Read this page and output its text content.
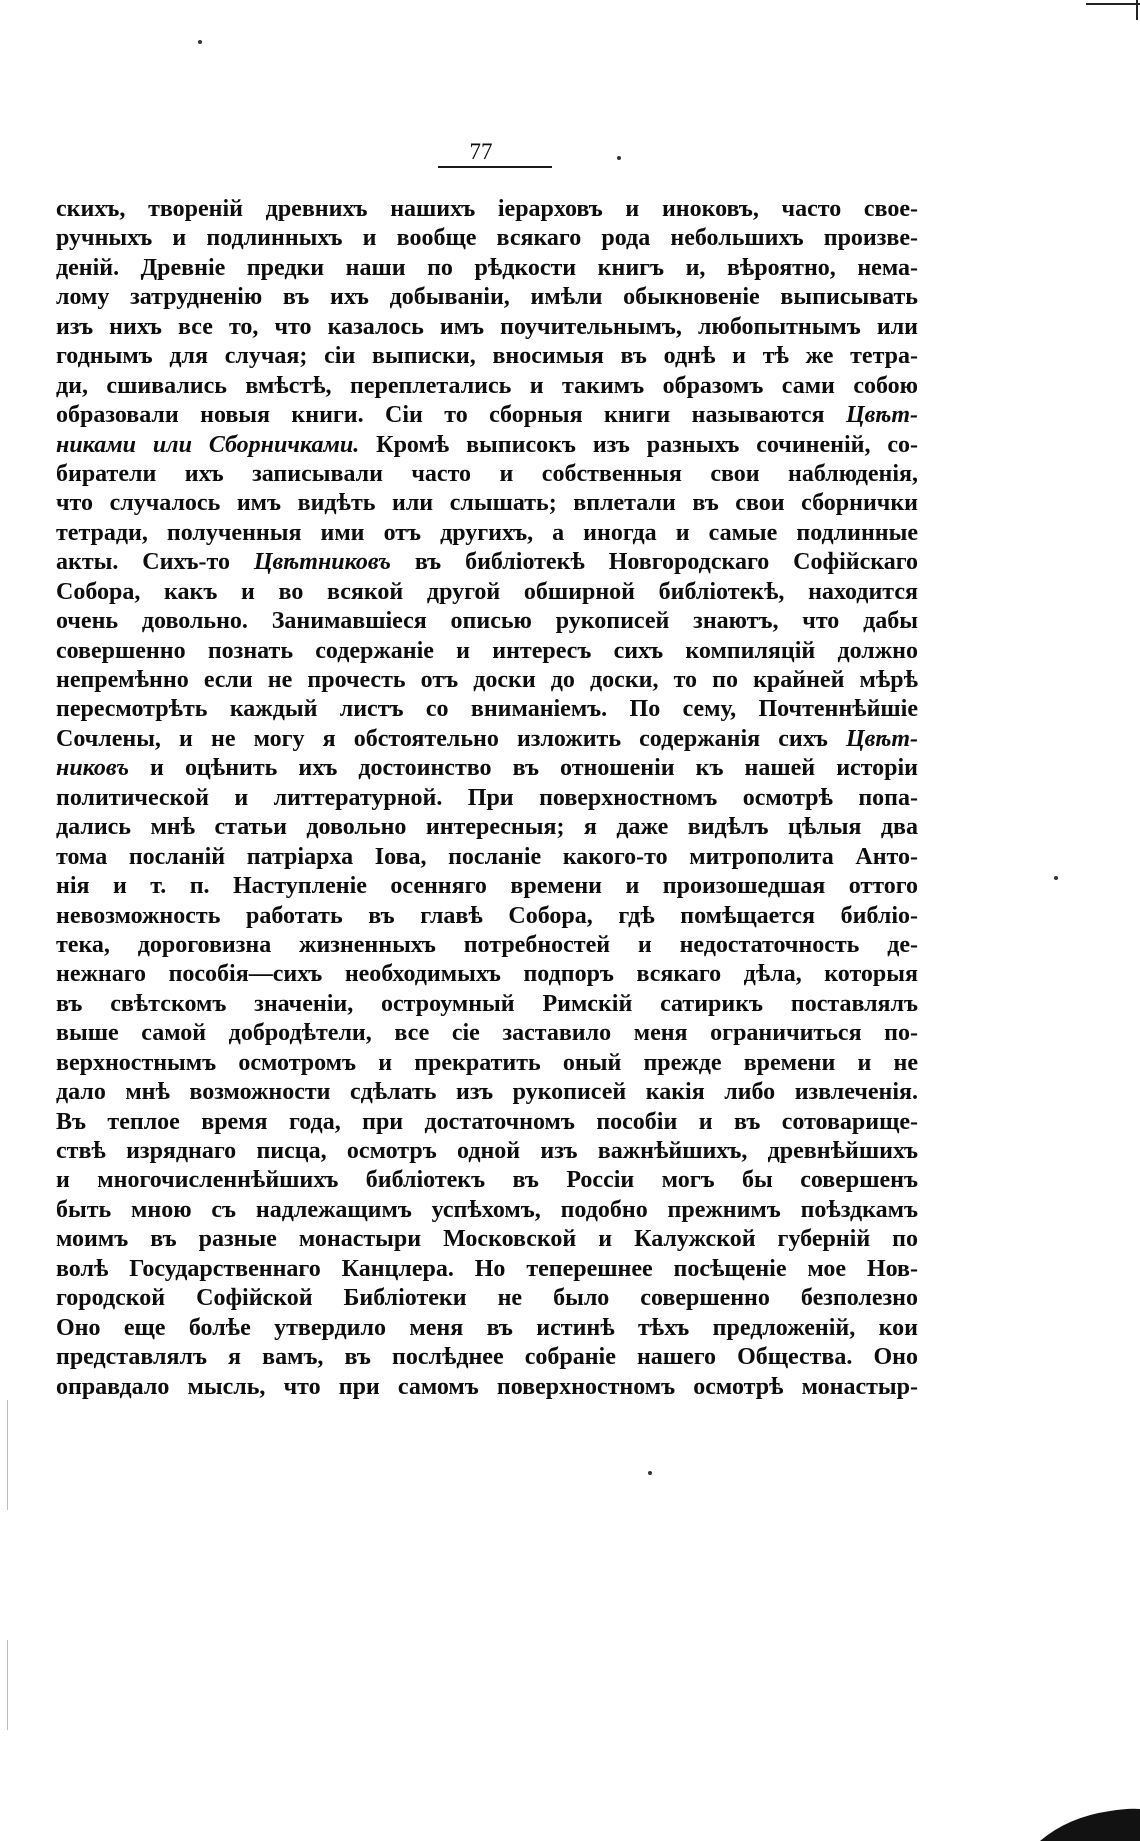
77
скихъ, твореній древнихъ нашихъ іерарховъ и иноковъ, часто свое-
ручныхъ и подлинныхъ и вообще всякаго рода небольшихъ произве-
деній. Древніе предки наши по рѣдкости книгъ и, вѣроятно, нема-
лому затрудненію въ ихъ добываніи, имѣли обыкновеніе выписывать
изъ нихъ все то, что казалось имъ поучительнымъ, любопытнымъ или
годнымъ для случая; сіи выписки, вносимыя въ однѣ и тѣ же тетра-
ди, сшивались вмѣстѣ, переплетались и такимъ образомъ сами собою
образовали новыя книги. Сіи то сборныя книги называются Цвѣт-
никами или Сборничками. Кромѣ выписокъ изъ разныхъ сочиненій, со-
биратели ихъ записывали часто и собственныя свои наблюденія,
что случалось имъ видѣть или слышать; вплетали въ свои сборнички
тетради, полученныя ими отъ другихъ, а иногда и самые подлинные
акты. Сихъ-то Цвѣтниковъ въ библіотекѣ Новгородскаго Софійскаго
Собора, какъ и во всякой другой обширной библіотекѣ, находится
очень довольно. Занимавшіеся описью рукописей знаютъ, что дабы
совершенно познать содержаніе и интересъ сихъ компиляцій должно
непремѣнно если не прочесть отъ доски до доски, то по крайней мѣрѣ
пересмотрѣть каждый листъ со вниманіемъ. По сему, Почтеннѣйшіе
Сочлены, и не могу я обстоятельно изложить содержанія сихъ Цвѣт-
никовъ и оцѣнить ихъ достоинство въ отношеніи къ нашей исторіи
политической и литтературной. При поверхностномъ осмотрѣ попа-
дались мнѣ статьи довольно интересныя; я даже видѣлъ цѣлыя два
тома посланій патріарха Іова, посланіе какого-то митрополита Анто-
нія и т. п. Наступленіе осенняго времени и произошедшая оттого
невозможность работать въ главѣ Собора, гдѣ помѣщается библіо-
тека, дороговизна жизненныхъ потребностей и недостаточность де-
нежнаго пособія—сихъ необходимыхъ подпоръ всякаго дѣла, которыя
въ свѣтскомъ значеніи, остроумный Римскій сатирикъ поставлялъ
выше самой добродѣтели, все сіе заставило меня ограничиться по-
верхностнымъ осмотромъ и прекратить оный прежде времени и не
дало мнѣ возможности сдѣлать изъ рукописей какія либо извлеченія.
Въ теплое время года, при достаточномъ пособіи и въ сотоварище-
ствѣ изряднаго писца, осмотръ одной изъ важнѣйшихъ, древнѣйшихъ
и многочисленнѣйшихъ библіотекъ въ Россіи могъ бы совершенъ
быть мною съ надлежащимъ успѣхомъ, подобно прежнимъ поѣздкамъ
моимъ въ разные монастыри Московской и Калужской губерній по
волѣ Государственнаго Канцлера. Но теперешнее посѣщеніе мое Нов-
городской Софійской Библіотеки не было совершенно безполезно
Оно еще болѣе утвердило меня въ истинѣ тѣхъ предложеній, кои
представлялъ я вамъ, въ послѣднее собраніе нашего Общества. Оно
оправдало мысль, что при самомъ поверхностномъ осмотрѣ монастыр-
